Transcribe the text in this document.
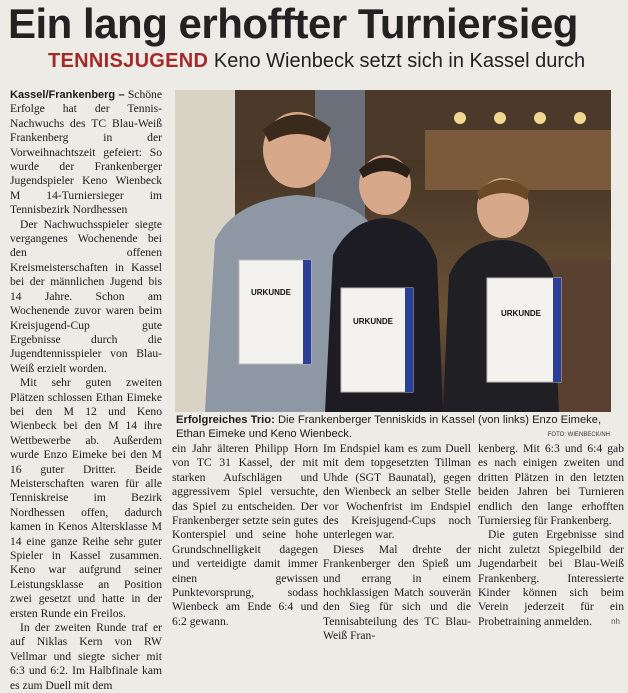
Ein lang erhoffter Turniersieg
TENNISJUGEND Keno Wienbeck setzt sich in Kassel durch

Kassel/Frankenberg – Schöne Erfolge hat der Tennis-Nachwuchs des TC Blau-Weiß Frankenberg in der Vorweihnachtszeit gefeiert: So wurde der Frankenberger Jugendspieler Keno Wienbeck M 14-Turniersieger im Tennisbezirk Nordhessen

Der Nachwuchsspieler siegte vergangenes Wochenende bei den offenen Kreismeisterschaften in Kassel bei der männlichen Jugend bis 14 Jahre. Schon am Wochenende zuvor waren beim Kreisjugend-Cup gute Ergebnisse durch die Jugendtennisspieler von Blau-Weiß erzielt worden.

Mit sehr guten zweiten Plätzen schlossen Ethan Eimeke bei den M 12 und Keno Wienbeck bei den M 14 ihre Wettbewerbe ab. Außerdem wurde Enzo Eimeke bei den M 16 guter Dritter. Beide Meisterschaften waren für alle Tenniskreise im Bezirk Nordhessen offen, dadurch kamen in Kenos Altersklasse M 14 eine ganze Reihe sehr guter Spieler in Kassel zusammen. Keno war aufgrund seiner Leistungsklasse an Position zwei gesetzt und hatte in der ersten Runde ein Freilos.

In der zweiten Runde traf er auf Niklas Kern von RW Vellmar und siegte sicher mit 6:3 und 6:2. Im Halbfinale kam es zum Duell mit dem

URKUNDE
URKUNDE
URKUNDE
Erfolgreiches Trio: Die Frankenberger Tenniskids in Kassel (von links) Enzo Eimeke, Ethan Eimeke und Keno Wienbeck.	FOTO: WIENBECK/NH

ein Jahr älteren Philipp Horn von TC 31 Kassel, der mit starken Aufschlägen und aggressivem Spiel versuchte, das Spiel zu entscheiden. Der Frankenberger setzte sein gutes Konterspiel und seine hohe Grundschnelligkeit dagegen und verteidigte damit immer einen gewissen Punktevorsprung, sodass Wienbeck am Ende 6:4 und 6:2 gewann.

Im Endspiel kam es zum Duell mit dem topgesetzten Tillman Uhde (SGT Baunatal), gegen den Wienbeck an selber Stelle vor Wochenfrist im Endspiel des Kreisjugend-Cups noch unterlegen war.

Dieses Mal drehte der Frankenberger den Spieß um und errang in einem hochklassigen Match souverän den Sieg für sich und die Tennisabteilung des TC Blau-Weiß Fran-

kenberg. Mit 6:3 und 6:4 gab es nach einigen zweiten und dritten Plätzen in den letzten beiden Jahren bei Turnieren endlich den lange erhofften Turniersieg für Frankenberg.

Die guten Ergebnisse sind nicht zuletzt Spiegelbild der Jugendarbeit bei Blau-Weiß Frankenberg. Interessierte Kinder können sich beim Verein jederzeit für ein Probetraining anmelden.	nh
